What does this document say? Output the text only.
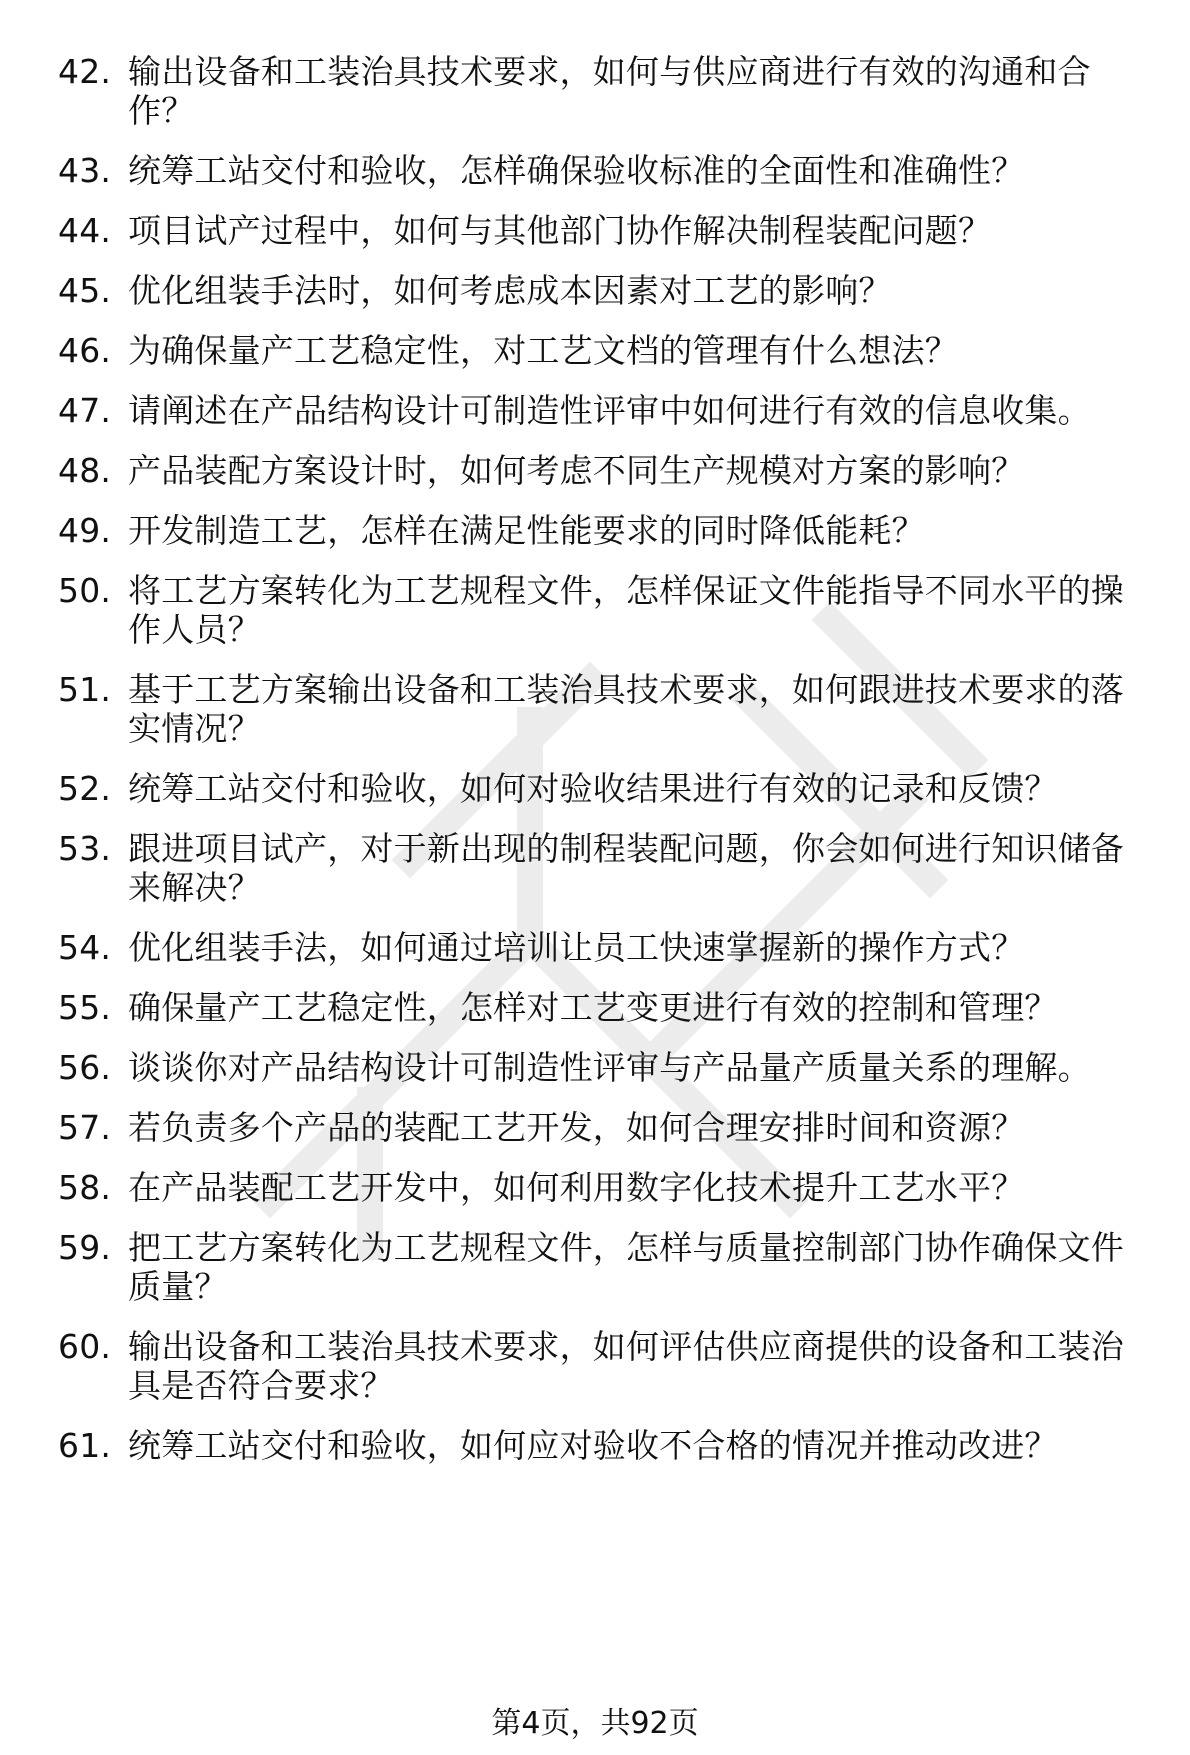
42. 输出设备和工装治具技术要求，如何与供应商进行有效的沟通和合作？
43. 统筹工站交付和验收，怎样确保验收标准的全面性和准确性？
44. 项目试产过程中，如何与其他部门协作解决制程装配问题？
45. 优化组装手法时，如何考虑成本因素对工艺的影响？
46. 为确保量产工艺稳定性，对工艺文档的管理有什么想法？
47. 请阐述在产品结构设计可制造性评审中如何进行有效的信息收集。
48. 产品装配方案设计时，如何考虑不同生产规模对方案的影响？
49. 开发制造工艺，怎样在满足性能要求的同时降低能耗？
50. 将工艺方案转化为工艺规程文件，怎样保证文件能指导不同水平的操作人员？
51. 基于工艺方案输出设备和工装治具技术要求，如何跟进技术要求的落实情况？
52. 统筹工站交付和验收，如何对验收结果进行有效的记录和反馈？
53. 跟进项目试产，对于新出现的制程装配问题，你会如何进行知识储备来解决？
54. 优化组装手法，如何通过培训让员工快速掌握新的操作方式？
55. 确保量产工艺稳定性，怎样对工艺变更进行有效的控制和管理？
56. 谈谈你对产品结构设计可制造性评审与产品量产质量关系的理解。
57. 若负责多个产品的装配工艺开发，如何合理安排时间和资源？
58. 在产品装配工艺开发中，如何利用数字化技术提升工艺水平？
59. 把工艺方案转化为工艺规程文件，怎样与质量控制部门协作确保文件质量？
60. 输出设备和工装治具技术要求，如何评估供应商提供的设备和工装治具是否符合要求？
61. 统筹工站交付和验收，如何应对验收不合格的情况并推动改进？
第4页，共92页
